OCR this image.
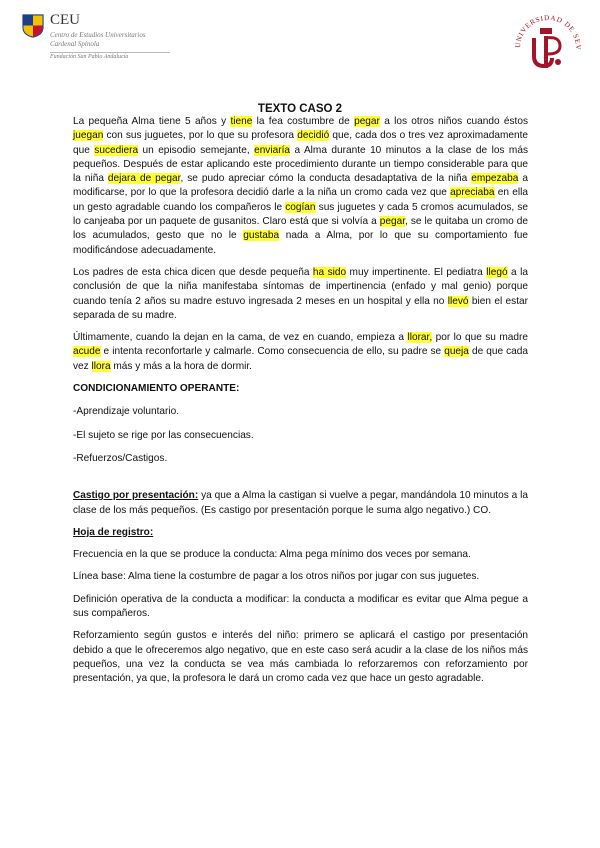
CEU
Centro de Estudios Universitarios
Cardenal Spínola
Fundación San Pablo Andalucía
UNIVERSIDAD DE SEV
TEXTO CASO 2

La pequeña Alma tiene 5 años y tiene la fea costumbre de pegar a los otros niños cuando éstos juegan con sus juguetes, por lo que su profesora decidió que, cada dos o tres vez aproximadamente que sucediera un episodio semejante, enviaría a Alma durante 10 minutos a la clase de los más pequeños. Después de estar aplicando este procedimiento durante un tiempo considerable para que la niña dejara de pegar, se pudo apreciar cómo la conducta desadaptativa de la niña empezaba a modificarse, por lo que la profesora decidió darle a la niña un cromo cada vez que apreciaba en ella un gesto agradable cuando los compañeros le cogían sus juguetes y cada 5 cromos acumulados, se lo canjeaba por un paquete de gusanitos. Claro está que si volvía a pegar, se le quitaba un cromo de los acumulados, gesto que no le gustaba nada a Alma, por lo que su comportamiento fue modificándose adecuadamente.

Los padres de esta chica dicen que desde pequeña ha sido muy impertinente. El pediatra llegó a la conclusión de que la niña manifestaba síntomas de impertinencia (enfado y mal genio) porque cuando tenía 2 años su madre estuvo ingresada 2 meses en un hospital y ella no llevó bien el estar separada de su madre.

Últimamente, cuando la dejan en la cama, de vez en cuando, empieza a llorar, por lo que su madre acude e intenta reconfortarle y calmarle. Como consecuencia de ello, su padre se queja de que cada vez llora más y más a la hora de dormir.

CONDICIONAMIENTO OPERANTE:

-Aprendizaje voluntario.

-El sujeto se rige por las consecuencias.

-Refuerzos/Castigos.

Castigo por presentación: ya que a Alma la castigan si vuelve a pegar, mandándola 10 minutos a la clase de los más pequeños. (Es castigo por presentación porque le suma algo negativo.) CO.

Hoja de registro:

Frecuencia en la que se produce la conducta: Alma pega mínimo dos veces por semana.

Línea base: Alma tiene la costumbre de pagar a los otros niños por jugar con sus juguetes.

Definición operativa de la conducta a modificar: la conducta a modificar es evitar que Alma pegue a sus compañeros.

Reforzamiento según gustos e interés del niño: primero se aplicará el castigo por presentación debido a que le ofreceremos algo negativo, que en este caso será acudir a la clase de los niños más pequeños, una vez la conducta se vea más cambiada lo reforzaremos con reforzamiento por presentación, ya que, la profesora le dará un cromo cada vez que hace un gesto agradable.
